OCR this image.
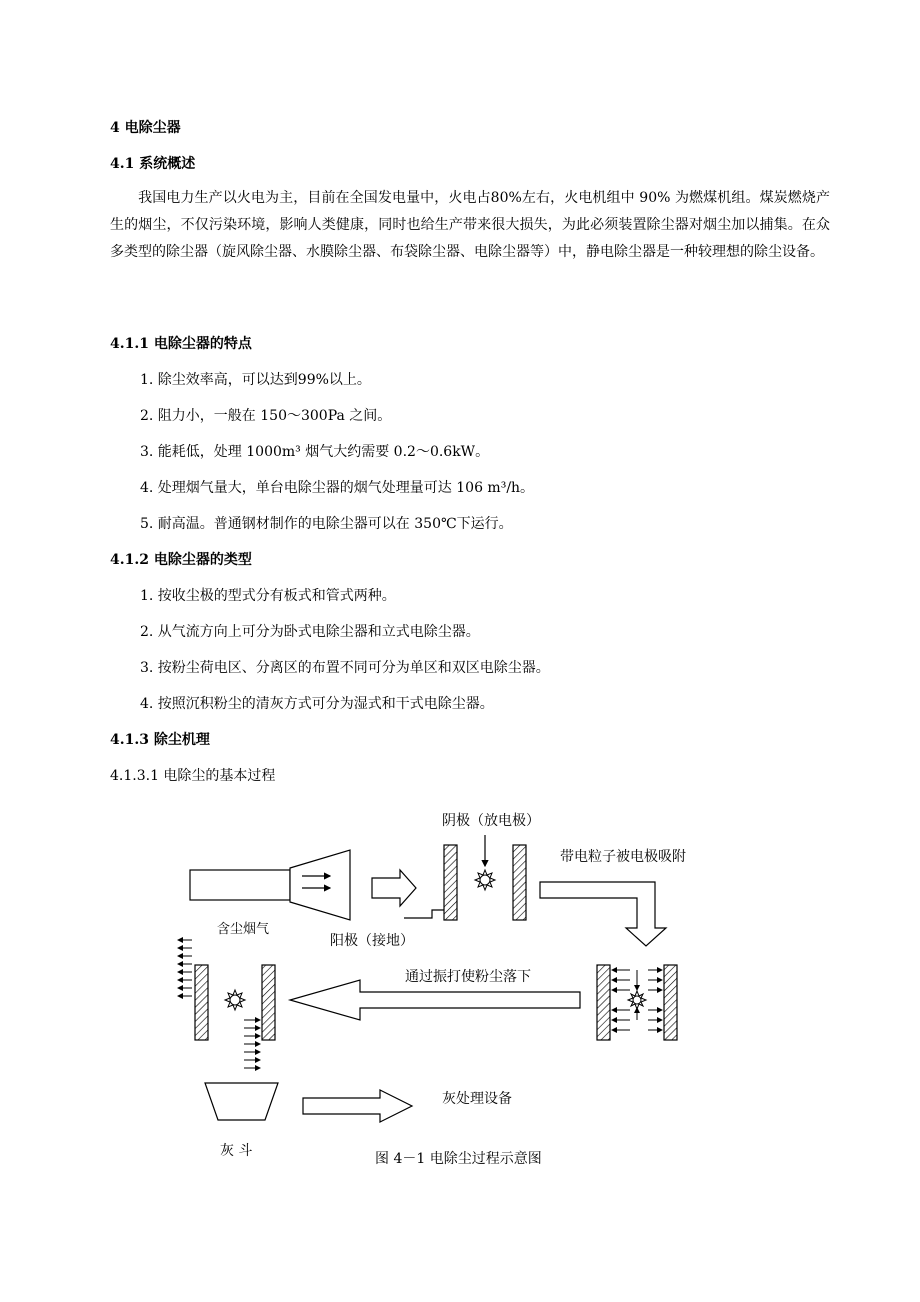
4 电除尘器
4.1 系统概述
我国电力生产以火电为主，目前在全国发电量中，火电占80%左右，火电机组中 90% 为燃煤机组。煤炭燃烧产生的烟尘，不仅污染环境，影响人类健康，同时也给生产带来很大损失，为此必须装置除尘器对烟尘加以捕集。在众多类型的除尘器（旋风除尘器、水膜除尘器、布袋除尘器、电除尘器等）中，静电除尘器是一种较理想的除尘设备。
4.1.1 电除尘器的特点
1. 除尘效率高，可以达到99%以上。
2. 阻力小，一般在 150～300Pa 之间。
3. 能耗低，处理 1000m³ 烟气大约需要 0.2～0.6kW。
4. 处理烟气量大，单台电除尘器的烟气处理量可达 106 m³/h。
5. 耐高温。普通钢材制作的电除尘器可以在 350℃下运行。
4.1.2 电除尘器的类型
1. 按收尘极的型式分有板式和管式两种。
2. 从气流方向上可分为卧式电除尘器和立式电除尘器。
3. 按粉尘荷电区、分离区的布置不同可分为单区和双区电除尘器。
4. 按照沉积粉尘的清灰方式可分为湿式和干式电除尘器。
4.1.3 除尘机理
4.1.3.1 电除尘的基本过程
阴极（放电极）
带电粒子被电极吸附
含尘烟气
阳极（接地）
通过振打使粉尘落下
灰处理设备
灰 斗	图 4－1 电除尘过程示意图
